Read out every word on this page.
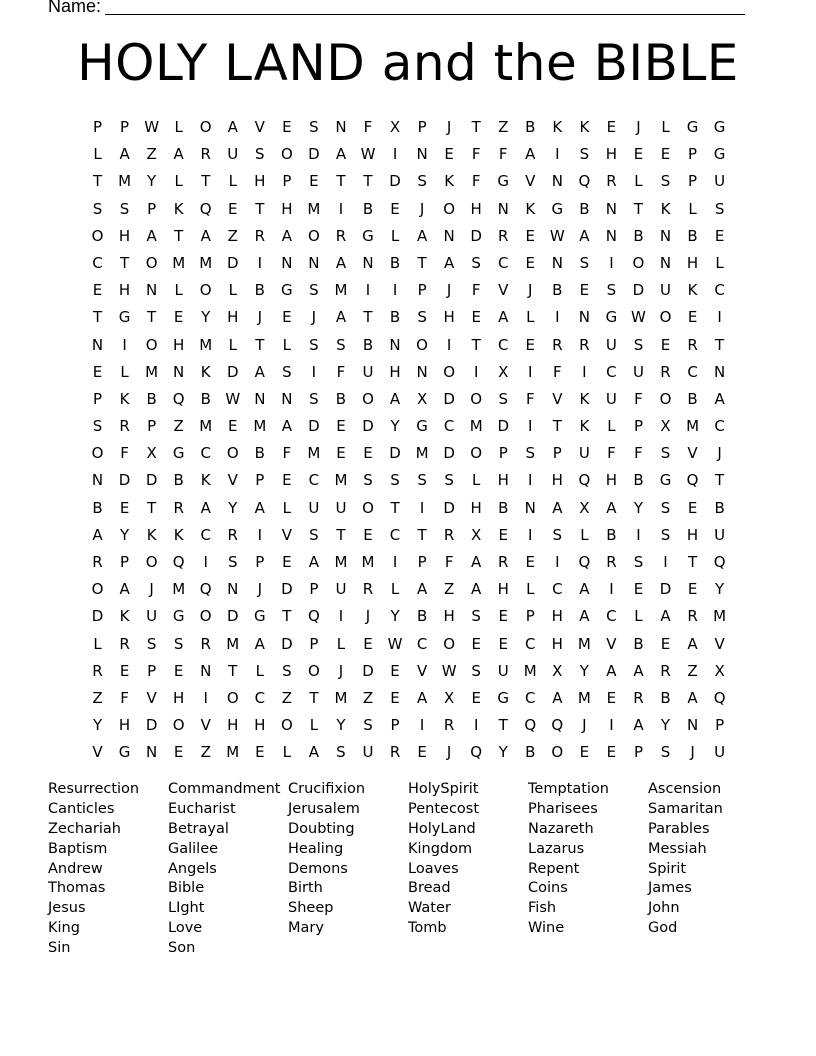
Name:
HOLY LAND and the BIBLE
P P W L O A V E S N F X P J T Z B K K E J L G G
L A Z A R U S O D A W I N E F F A I S H E E P G
T M Y L T L H P E T T D S K F G V N Q R L S P U
S S P K Q E T H M I B E J O H N K G B N T K L S
O H A T A Z R A O R G L A N D R E W A N B N B E
C T O M M D I N N A N B T A S C E N S I O N H L
E H N L O L B G S M I I P J F V J B E S D U K C
T G T E Y H J E J A T B S H E A L I N G W O E I
N I O H M L T L S S B N O I T C E R R U S E R T
E L M N K D A S I F U H N O I X I F I C U R C N
P K B Q B W N N S B O A X D O S F V K U F O B A
S R P Z M E M A D E D Y G C M D I T K L P X M C
O F X G C O B F M E E D M D O P S P U F F S V J
N D D B K V P E C M S S S S L H I H Q H B G Q T
B E T R A Y A L U U O T I D H B N A X A Y S E B
A Y K K C R I V S T E C T R X E I S L B I S H U
R P O Q I S P E A M M I P F A R E I Q R S I T Q
O A J M Q N J D P U R L A Z A H L C A I E D E Y
D K U G O D G T Q I J Y B H S E P H A C L A R M
L R S S R M A D P L E W C O E E C H M V B E A V
R E P E N T L S O J D E V W S U M X Y A A R Z X
Z F V H I O C Z T M Z E A X E G C A M E R B A Q
Y H D O V H H O L Y S P I R I T Q Q J I A Y N P
V G N E Z M E L A S U R E J Q Y B O E E P S J U
Resurrection Commandment Crucifixion	HolySpirit	Temptation	Ascension
Canticles	Eucharist	Jerusalem	Pentecost	Pharisees	Samaritan
Zechariah	Betrayal	Doubting	HolyLand	Nazareth	Parables
Baptism	Galilee	Healing	Kingdom	Lazarus	Messiah
Andrew	Angels	Demons	Loaves	Repent	Spirit
Thomas	Bible	Birth	Bread	Coins	James
Jesus	LIght	Sheep	Water	Fish	John
King	Love	Mary	Tomb	Wine	God
Sin	Son
